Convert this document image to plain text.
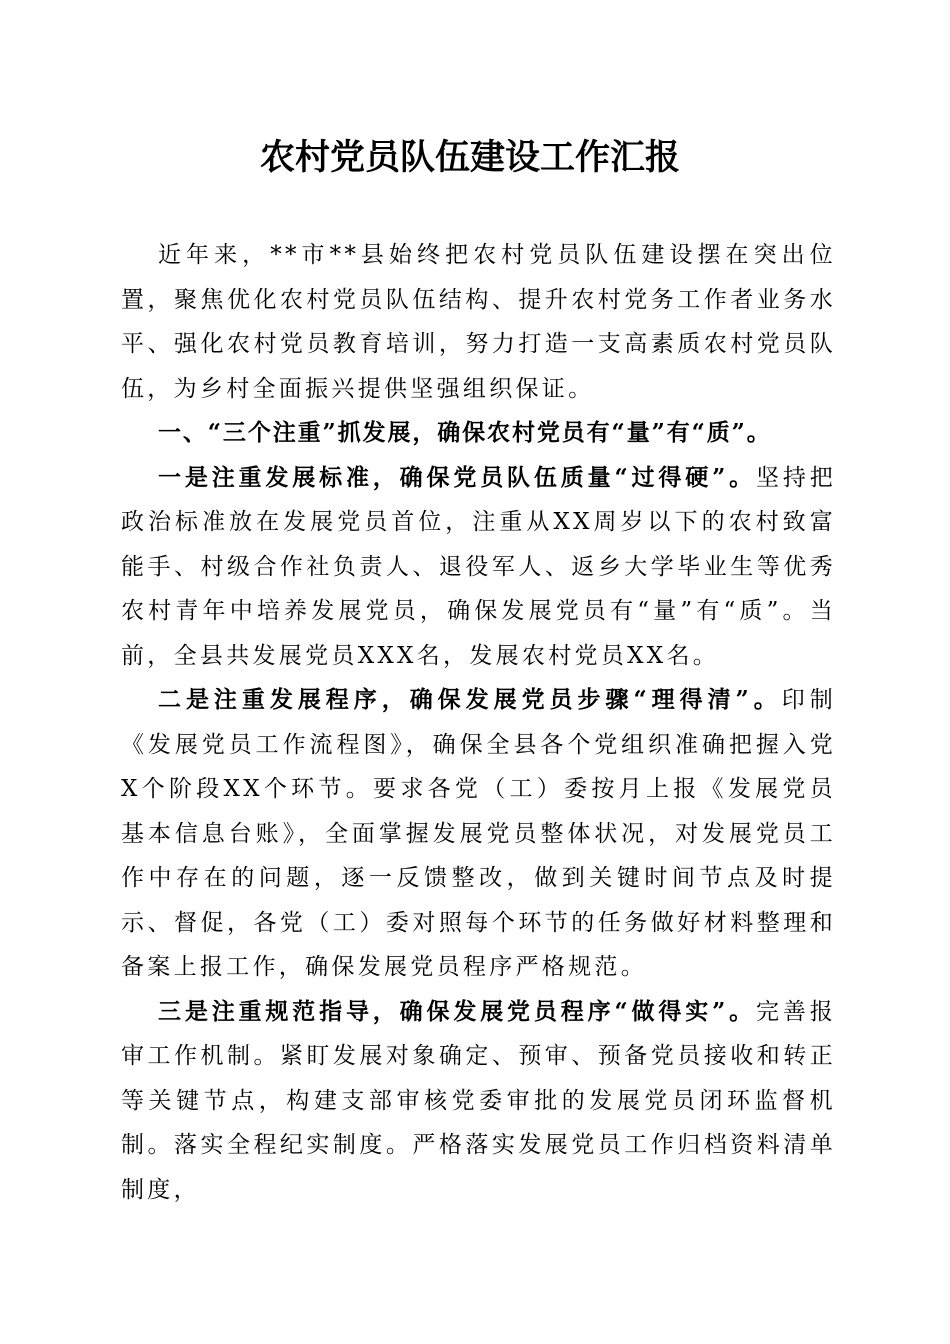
农村党员队伍建设工作汇报

近年来，**市**县始终把农村党员队伍建设摆在突出位置，聚焦优化农村党员队伍结构、提升农村党务工作者业务水平、强化农村党员教育培训，努力打造一支高素质农村党员队伍，为乡村全面振兴提供坚强组织保证。

一、“三个注重”抓发展，确保农村党员有“量”有“质”。

一是注重发展标准，确保党员队伍质量“过得硬”。坚持把政治标准放在发展党员首位，注重从XX周岁以下的农村致富能手、村级合作社负责人、退役军人、返乡大学毕业生等优秀农村青年中培养发展党员，确保发展党员有“量”有“质”。当前，全县共发展党员XXX名，发展农村党员XX名。

二是注重发展程序，确保发展党员步骤“理得清”。印制《发展党员工作流程图》，确保全县各个党组织准确把握入党X个阶段XX个环节。要求各党（工）委按月上报《发展党员基本信息台账》，全面掌握发展党员整体状况，对发展党员工作中存在的问题，逐一反馈整改，做到关键时间节点及时提示、督促，各党（工）委对照每个环节的任务做好材料整理和备案上报工作，确保发展党员程序严格规范。

三是注重规范指导，确保发展党员程序“做得实”。完善报审工作机制。紧盯发展对象确定、预审、预备党员接收和转正等关键节点，构建支部审核党委审批的发展党员闭环监督机制。落实全程纪实制度。严格落实发展党员工作归档资料清单制度，
